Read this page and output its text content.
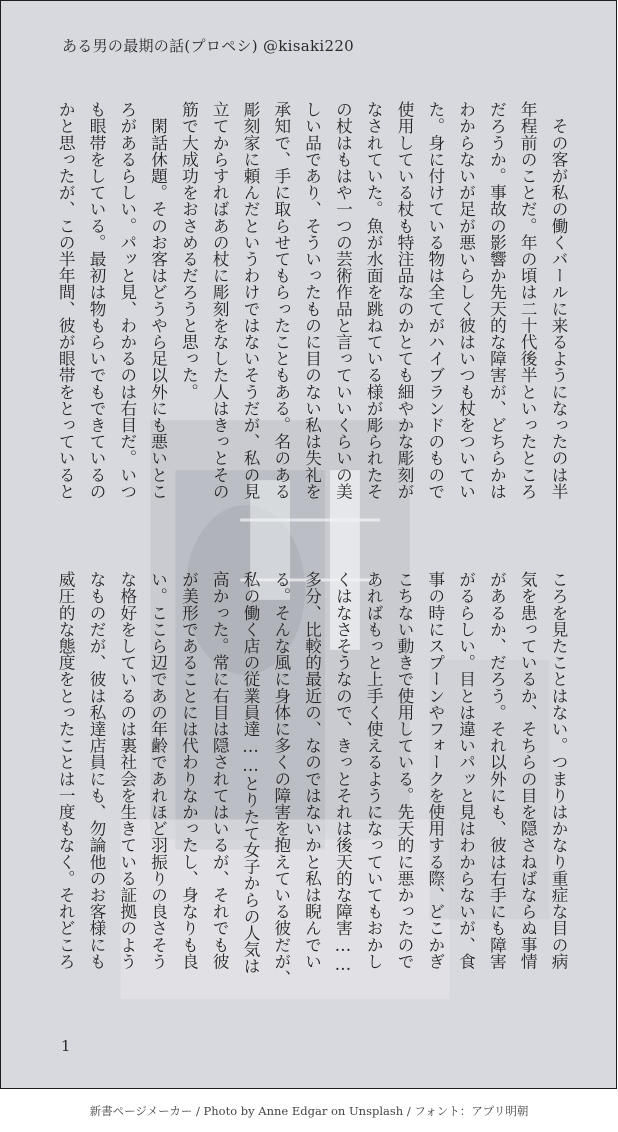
ある男の最期の話(プロペシ) @kisaki220
　その客が私の働くバールに来るようになったのは半
年程前のことだ。年の頃は二十代後半といったところ
だろうか。事故の影響か先天的な障害が、どちらかは
わからないが足が悪いらしく彼はいつも杖をついてい
た。身に付けている物は全てがハイブランドのもので
使用している杖も特注品なのかとても細やかな彫刻が
なされていた。魚が水面を跳ねている様が彫られたそ
の杖はもはや一つの芸術作品と言っていいくらいの美
しい品であり、そういったものに目のない私は失礼を
承知で、手に取らせてもらったこともある。名のある
彫刻家に頼んだというわけではないそうだが、私の見
立てからすればあの杖に彫刻をなした人はきっとその
筋で大成功をおさめるだろうと思った。
　閑話休題。そのお客はどうやら足以外にも悪いとこ
ろがあるらしい。パッと見、わかるのは右目だ。いつ
も眼帯をしている。最初は物もらいでもできているの
かと思ったが、この半年間、彼が眼帯をとっていると
ころを見たことはない。つまりはかなり重症な目の病
気を患っているか、そちらの目を隠さねばならぬ事情
があるか、だろう。それ以外にも、彼は右手にも障害
がるらしい。目とは違いパッと見はわからないが、食
事の時にスプーンやフォークを使用する際、どこかぎ
こちない動きで使用している。先天的に悪かったので
あればもっと上手く使えるようになっていてもおかし
くはなさそうなので、きっとそれは後天的な障害……
多分、比較的最近の、なのではないかと私は睨んでい
る。そんな風に身体に多くの障害を抱えている彼だが、
私の働く店の従業員達……とりたて女子からの人気は
高かった。常に右目は隠されてはいるが、それでも彼
が美形であることには代わりなかったし、身なりも良
い。ここら辺であの年齢であれほど羽振りの良さそう
な格好をしているのは裏社会を生きている証拠のよう
なものだが、彼は私達店員にも、勿論他のお客様にも
威圧的な態度をとったことは一度もなく。それどころ
1
新書ページメーカー / Photo by Anne Edgar on Unsplash / フォント：アプリ明朝
